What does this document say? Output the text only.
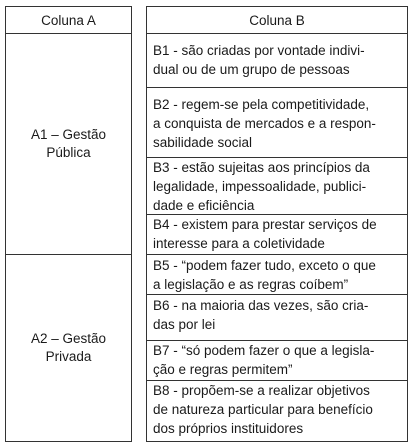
Coluna A
A1 – Gestão
Pública
A2 – Gestão
Privada
Coluna B
B1 - são criadas por vontade indivi-
dual ou de um grupo de pessoas
B2 - regem-se pela competitividade,
a conquista de mercados e a respon-
sabilidade social
B3 - estão sujeitas aos princípios da
legalidade, impessoalidade, publici-
dade e eficiência
B4 - existem para prestar serviços de
interesse para a coletividade
B5 - “podem fazer tudo, exceto o que
a legislação e as regras coíbem”
B6 - na maioria das vezes, são cria-
das por lei
B7 - “só podem fazer o que a legisla-
ção e regras permitem”
B8 - propõem-se a realizar objetivos
de natureza particular para benefício
dos próprios instituidores
